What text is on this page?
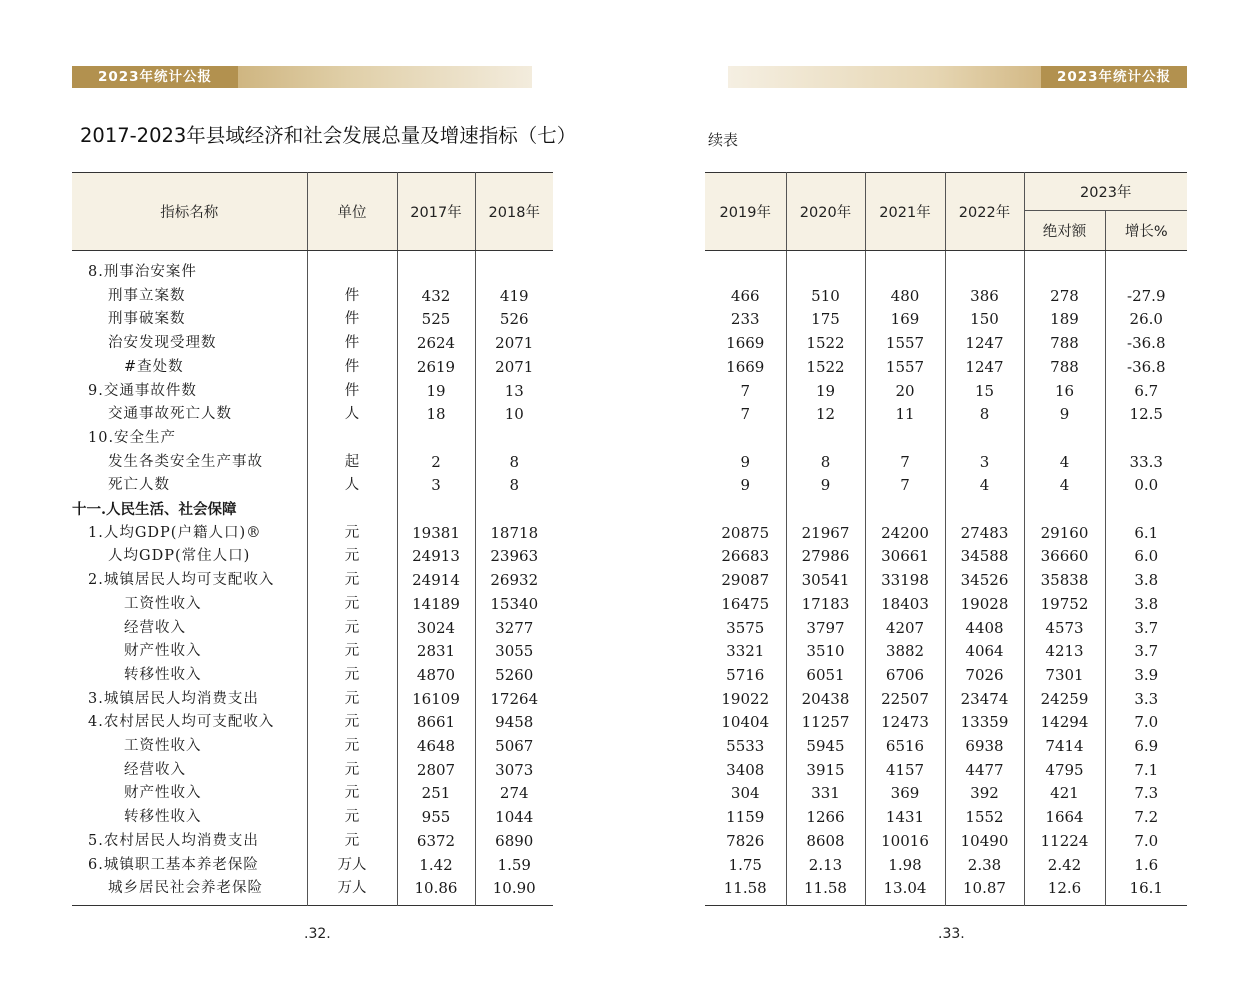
2023年统计公报	2023年统计公报
2017-2023年县域经济和社会发展总量及增速指标（七）	续表
指标名称	单位	2017年	2018年
8.刑事治安案件			
刑事立案数	件	432	419
刑事破案数	件	525	526
治安发现受理数	件	2624	2071
#查处数	件	2619	2071
9.交通事故件数	件	19	13
交通事故死亡人数	人	18	10
10.安全生产			
发生各类安全生产事故	起	2	8
死亡人数	人	3	8
十一.人民生活、社会保障			
1.人均GDP(户籍人口)®	元	19381	18718
人均GDP(常住人口)	元	24913	23963
2.城镇居民人均可支配收入	元	24914	26932
工资性收入	元	14189	15340
经营收入	元	3024	3277
财产性收入	元	2831	3055
转移性收入	元	4870	5260
3.城镇居民人均消费支出	元	16109	17264
4.农村居民人均可支配收入	元	8661	9458
工资性收入	元	4648	5067
经营收入	元	2807	3073
财产性收入	元	251	274
转移性收入	元	955	1044
5.农村居民人均消费支出	元	6372	6890
6.城镇职工基本养老保险	万人	1.42	1.59
城乡居民社会养老保险	万人	10.86	10.90
2019年	2020年	2021年	2022年	2023年	
				绝对额	增长%

466	510	480	386	278	-27.9
233	175	169	150	189	26.0
1669	1522	1557	1247	788	-36.8
1669	1522	1557	1247	788	-36.8
7	19	20	15	16	6.7
7	12	11	8	9	12.5

9	8	7	3	4	33.3
9	9	7	4	4	0.0

20875	21967	24200	27483	29160	6.1
26683	27986	30661	34588	36660	6.0
29087	30541	33198	34526	35838	3.8
16475	17183	18403	19028	19752	3.8
3575	3797	4207	4408	4573	3.7
3321	3510	3882	4064	4213	3.7
5716	6051	6706	7026	7301	3.9
19022	20438	22507	23474	24259	3.3
10404	11257	12473	13359	14294	7.0
5533	5945	6516	6938	7414	6.9
3408	3915	4157	4477	4795	7.1
304	331	369	392	421	7.3
1159	1266	1431	1552	1664	7.2
7826	8608	10016	10490	11224	7.0
1.75	2.13	1.98	2.38	2.42	1.6
11.58	11.58	13.04	10.87	12.6	16.1
.32.	.33.
